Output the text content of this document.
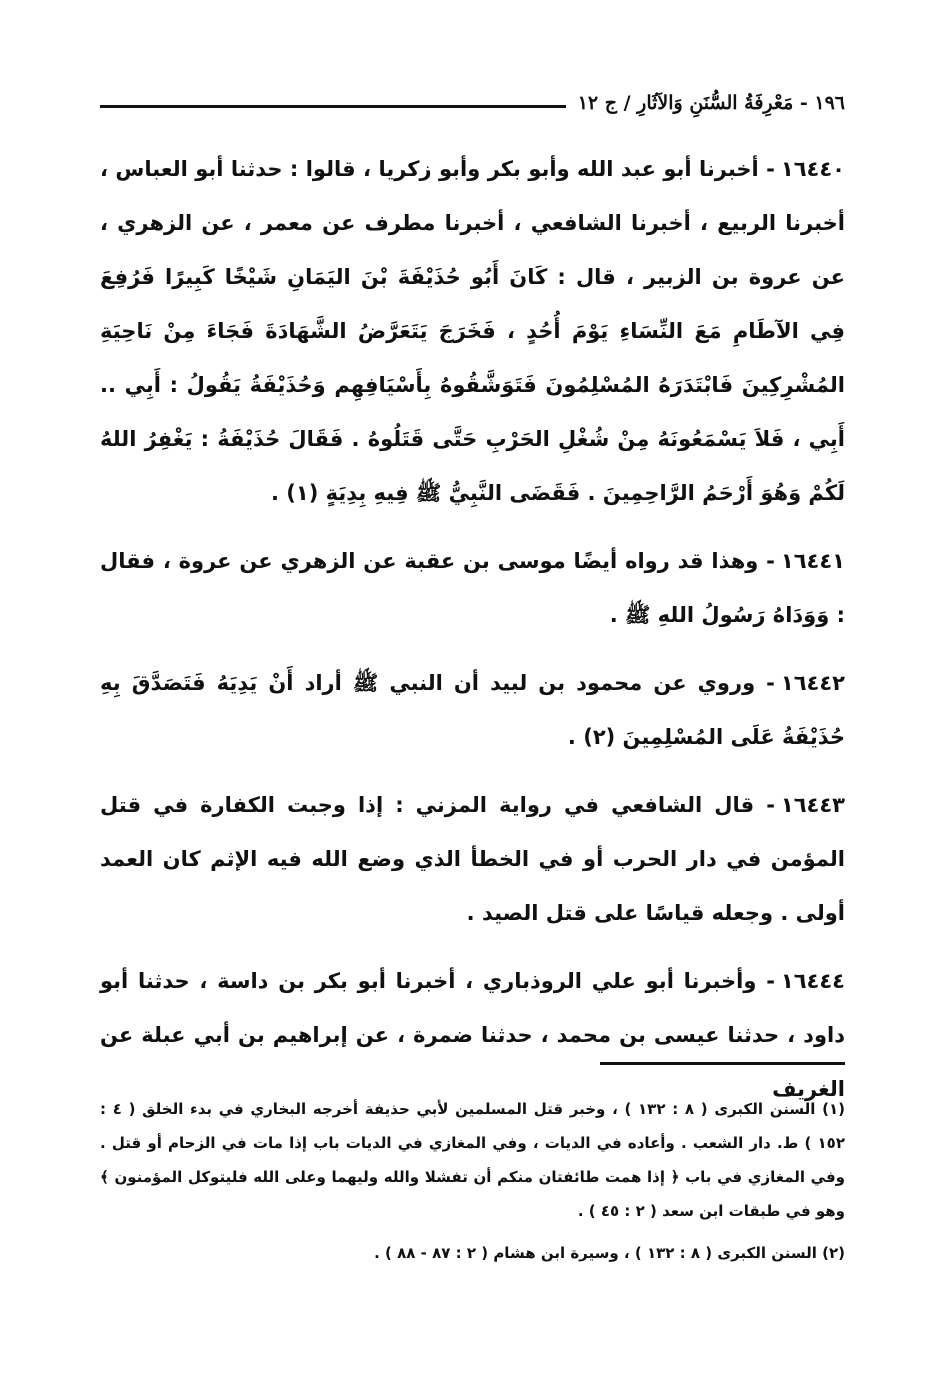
١٩٦ - مَعْرِفَةُ السُّنَنِ وَالآثَارِ / ج ١٢

١٦٤٤٠- أخبرنا أبو عبد الله وأبو بكر وأبو زكريا ، قالوا : حدثنا أبو العباس ، أخبرنا الربيع ، أخبرنا الشافعي ، أخبرنا مطرف عن معمر ، عن الزهري ، عن عروة بن الزبير ، قال : كَانَ أَبُو حُذَيْفَةَ بْنَ اليَمَانِ شَيْخًا كَبِيرًا فَرُفِعَ فِي الآطَامِ مَعَ النِّسَاءِ يَوْمَ أُحُدٍ ، فَخَرَجَ يَتَعَرَّضُ الشَّهَادَةَ فَجَاءَ مِنْ نَاحِيَةِ المُشْرِكِينَ فَابْتَدَرَهُ المُسْلِمُونَ فَتَوَشَّقُوهُ بِأَسْيَافِهِم وَحُذَيْفَةُ يَقُولُ : أَبِي .. أَبِي ، فَلاَ يَسْمَعُونَهُ مِنْ شُغْلِ الحَرْبِ حَتَّى قَتَلُوهُ . فَقَالَ حُذَيْفَةُ : يَغْفِرُ اللهُ لَكُمْ وَهُوَ أَرْحَمُ الرَّاحِمِينَ . فَقَضَى النَّبِيُّ ﷺ فِيهِ بِدِيَةٍ (١) .

١٦٤٤١- وهذا قد رواه أيضًا موسى بن عقبة عن الزهري عن عروة ، فقال : وَوَدَاهُ رَسُولُ اللهِ ﷺ .

١٦٤٤٢- وروي عن محمود بن لبيد أن النبي ﷺ أراد أَنْ يَدِيَهُ فَتَصَدَّقَ بِهِ حُذَيْفَةُ عَلَى المُسْلِمِينَ (٢) .

١٦٤٤٣- قال الشافعي في رواية المزني : إذا وجبت الكفارة في قتل المؤمن في دار الحرب أو في الخطأ الذي وضع الله فيه الإثم كان العمد أولى . وجعله قياسًا على قتل الصيد .

١٦٤٤٤- وأخبرنا أبو علي الروذباري ، أخبرنا أبو بكر بن داسة ، حدثنا أبو داود ، حدثنا عيسى بن محمد ، حدثنا ضمرة ، عن إبراهيم بن أبي عبلة عن الغريف

(١) السنن الكبرى ( ٨ : ١٣٢ ) ، وخبر قتل المسلمين لأبي حذيفة أخرجه البخاري في بدء الخلق ( ٤ : ١٥٢ ) ط. دار الشعب . وأعاده في الديات ، وفي المغازي في الديات باب إذا مات في الزحام أو قتل . وفي المغازي في باب ﴿ إذا همت طائفتان منكم أن تفشلا والله وليهما وعلى الله فليتوكل المؤمنون ﴾ وهو في طبقات ابن سعد ( ٢ : ٤٥ ) .

(٢) السنن الكبرى ( ٨ : ١٣٢ ) ، وسيرة ابن هشام ( ٢ : ٨٧ - ٨٨ ) .
